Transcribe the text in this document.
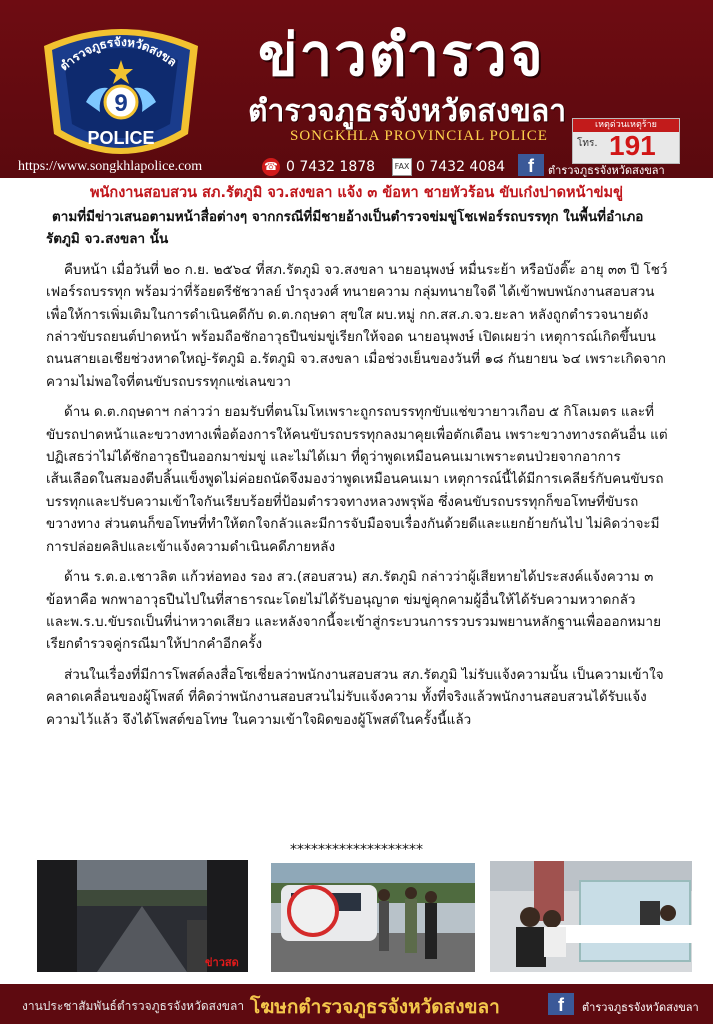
ตำรวจภูธรจังหวัดสงขล
9
POLICE
ข่าวตำรวจ
ตำรวจภูธรจังหวัดสงขลา
SONGKHLA PROVINCIAL POLICE
เหตุด่วนเหตุร้าย
โทร. 191
https://www.songkhlapolice.com	☎ 0 7432 1878	FAX 0 7432 4084	f	ตำรวจภูธรจังหวัดสงขลา
พนักงานสอบสวน สภ.รัตภูมิ จว.สงขลา แจ้ง ๓ ข้อหา ชายหัวร้อน ขับเก๋งปาดหน้าข่มขู่

ตามที่มีข่าวเสนอตามหน้าสื่อต่างๆ จากกรณีที่มีชายอ้างเป็นตำรวจข่มขู่โชเฟอร์รถบรรทุก ในพื้นที่อำเภอรัตภูมิ จว.สงขลา นั้น

คืบหน้า เมื่อวันที่ ๒๐ ก.ย. ๒๕๖๔ ที่สภ.รัตภูมิ จว.สงขลา นายอนุพงษ์ หมื่นระย้า หรือบังติ๊ะ อายุ ๓๓ ปี โชว์เฟอร์รถบรรทุก พร้อมว่าที่ร้อยตรีชัชวาลย์ บำรุงวงศ์ ทนายความ กลุ่มทนายใจดี ได้เข้าพบพนักงานสอบสวนเพื่อให้การเพิ่มเติมในการดำเนินคดีกับ ด.ต.กฤษดา สุขใส ผบ.หมู่ กก.สส.ภ.จว.ยะลา หลังถูกตำรวจนายดังกล่าวขับรถยนต์ปาดหน้า พร้อมถือชักอาวุธปืนข่มขู่เรียกให้จอด นายอนุพงษ์ เปิดเผยว่า เหตุการณ์เกิดขึ้นบนถนนสายเอเชียช่วงหาดใหญ่-รัตภูมิ อ.รัตภูมิ จว.สงขลา เมื่อช่วงเย็นของวันที่ ๑๘ กันยายน ๖๔ เพราะเกิดจากความไม่พอใจที่ตนขับรถบรรทุกแซ่เลนขวา

ด้าน ด.ต.กฤษดาฯ กล่าวว่า ยอมรับที่ตนโมโหเพราะถูกรถบรรทุกขับแช่ขวายาวเกือบ ๕ กิโลเมตร และที่ขับรถปาดหน้าและขวางทางเพื่อต้องการให้คนขับรถบรรทุกลงมาคุยเพื่อตักเตือน เพราะขวางทางรถคันอื่น แต่ปฏิเสธว่าไม่ได้ชักอาวุธปืนออกมาข่มขู่ และไม่ได้เมา ที่ดูว่าพูดเหมือนคนเมาเพราะตนป่วยจากอาการเส้นเลือดในสมองตีบลิ้นแข็งพูดไม่ค่อยถนัดจึงมองว่าพูดเหมือนคนเมา เหตุการณ์นี้ได้มีการเคลียร์กับคนขับรถบรรทุกและปรับความเข้าใจกันเรียบร้อยที่ป้อมตำรวจทางหลวงพรุพ้อ ซึ่งคนขับรถบรรทุกก็ขอโทษที่ขับรถขวางทาง ส่วนตนก็ขอโทษที่ทำให้ตกใจกลัวและมีการจับมือจบเรื่องกันด้วยดีและแยกย้ายกันไป ไม่คิดว่าจะมีการปล่อยคลิปและเข้าแจ้งความดำเนินคดีภายหลัง

ด้าน ร.ต.อ.เชาวลิต แก้วห่อทอง รอง สว.(สอบสวน) สภ.รัตภูมิ กล่าวว่าผู้เสียหายได้ประสงค์แจ้งความ ๓ ข้อหาคือ พกพาอาวุธปืนไปในที่สาธารณะโดยไม่ได้รับอนุญาต ข่มขู่คุกคามผู้อื่นให้ได้รับความหวาดกลัว และพ.ร.บ.ขับรถเป็นที่น่าหวาดเสียว และหลังจากนี้จะเข้าสู่กระบวนการรวบรวมพยานหลักฐานเพื่อออกหมายเรียกตำรวจคู่กรณีมาให้ปากคำอีกครั้ง

ส่วนในเรื่องที่มีการโพสต์ลงสื่อโซเชี่ยลว่าพนักงานสอบสวน สภ.รัตภูมิ ไม่รับแจ้งความนั้น เป็นความเข้าใจคลาดเคลื่อนของผู้โพสต์ ที่คิดว่าพนักงานสอบสวนไม่รับแจ้งความ ทั้งที่จริงแล้วพนักงานสอบสวนได้รับแจ้งความไว้แล้ว จึงได้โพสต์ขอโทษ ในความเข้าใจผิดของผู้โพสต์ในครั้งนี้แล้ว

*******************
ข่าวสด
งานประชาสัมพันธ์ตำรวจภูธรจังหวัดสงขลา โฆษกตำรวจภูธรจังหวัดสงขลา	f	ตำรวจภูธรจังหวัดสงขลา
